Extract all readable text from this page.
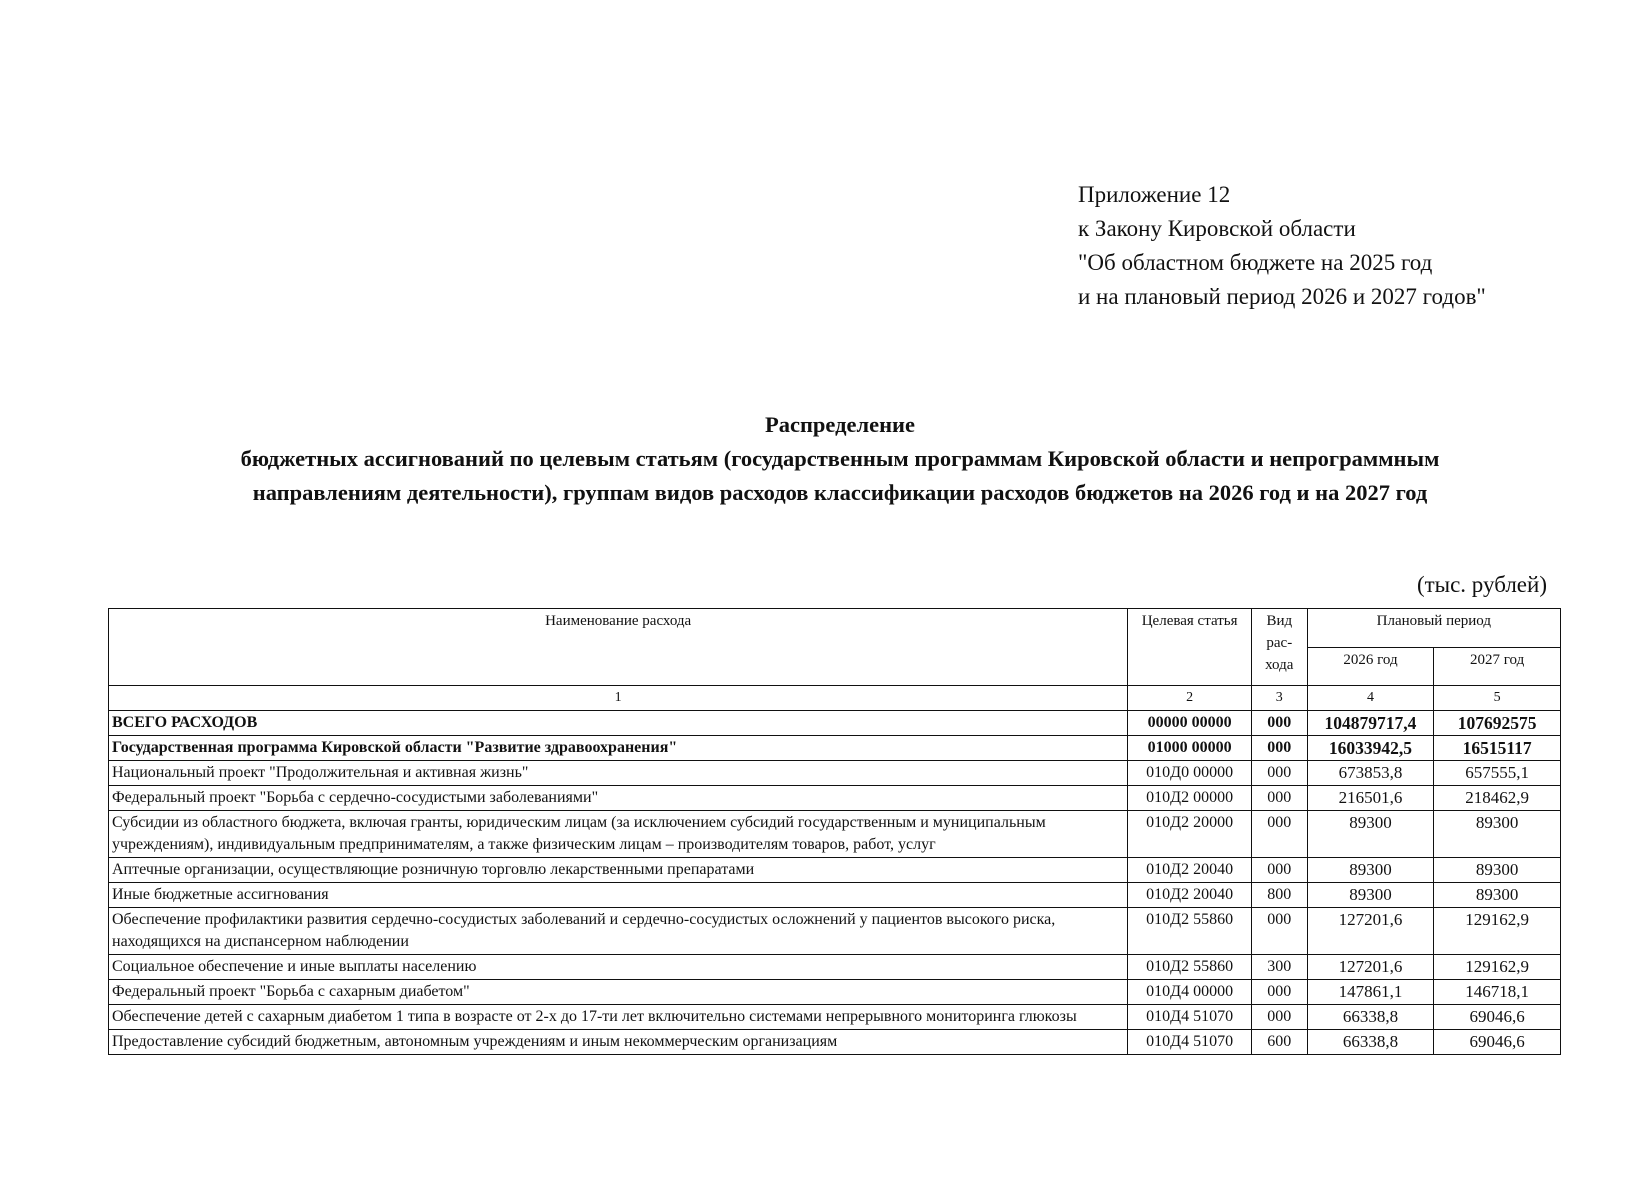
Приложение 12
к Закону Кировской области
"Об областном бюджете на 2025 год
и на плановый период 2026 и 2027 годов"
Распределение
бюджетных ассигнований по целевым статьям (государственным программам Кировской области и непрограммным
направлениям деятельности), группам видов расходов классификации расходов бюджетов на 2026 год и на 2027 год
(тыс. рублей)
Наименование расхода	Целевая статья	Вид рас-хода	Плановый период	
			2026 год	2027 год
1	2	3	4	5
ВСЕГО РАСХОДОВ	00000 00000	000	104879717,4	107692575
Государственная программа Кировской области "Развитие здравоохранения"	01000 00000	000	16033942,5	16515117
Национальный проект "Продолжительная и активная жизнь"	010Д0 00000	000	673853,8	657555,1
Федеральный проект "Борьба с сердечно-сосудистыми заболеваниями"	010Д2 00000	000	216501,6	218462,9
Субсидии из областного бюджета, включая гранты, юридическим лицам (за исключением субсидий государственным и муниципальным учреждениям), индивидуальным предпринимателям, а также физическим лицам – производителям товаров, работ, услуг	010Д2 20000	000	89300	89300
Аптечные организации, осуществляющие розничную торговлю лекарственными препаратами	010Д2 20040	000	89300	89300
Иные бюджетные ассигнования	010Д2 20040	800	89300	89300
Обеспечение профилактики развития сердечно-сосудистых заболеваний и сердечно-сосудистых осложнений у пациентов высокого риска, находящихся на диспансерном наблюдении	010Д2 55860	000	127201,6	129162,9
Социальное обеспечение и иные выплаты населению	010Д2 55860	300	127201,6	129162,9
Федеральный проект "Борьба с сахарным диабетом"	010Д4 00000	000	147861,1	146718,1
Обеспечение детей с сахарным диабетом 1 типа в возрасте от 2-х до 17-ти лет включительно системами непрерывного мониторинга глюкозы	010Д4 51070	000	66338,8	69046,6
Предоставление субсидий бюджетным, автономным учреждениям и иным некоммерческим организациям	010Д4 51070	600	66338,8	69046,6
